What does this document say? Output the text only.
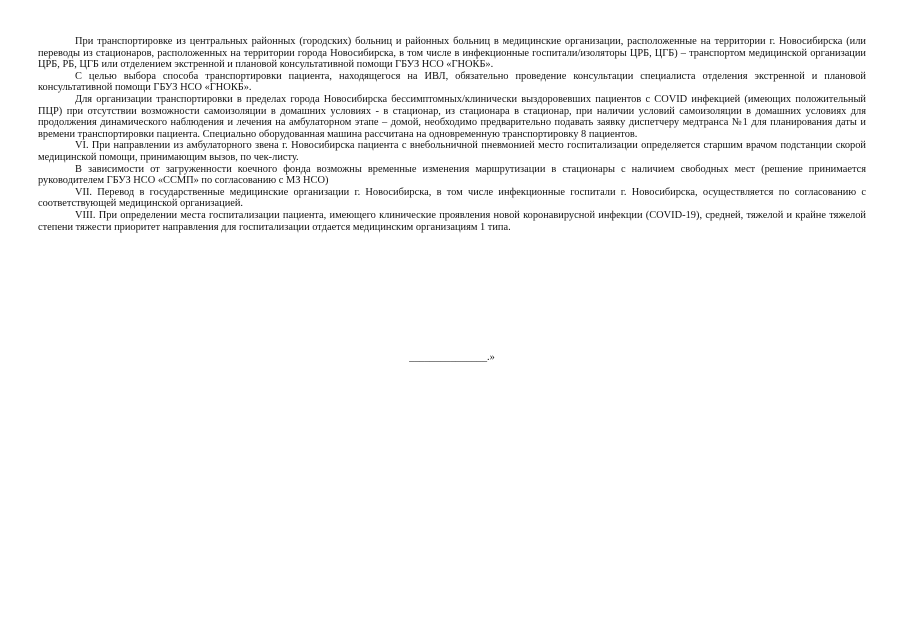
При транспортировке из центральных районных (городских) больниц и районных больниц в медицинские организации, расположенные на территории г. Новосибирска (или переводы из стационаров, расположенных на территории города Новосибирска, в том числе в инфекционные госпитали/изоляторы ЦРБ, ЦГБ) – транспортом медицинской организации ЦРБ, РБ, ЦГБ или отделением экстренной и плановой консультативной помощи ГБУЗ НСО «ГНОКБ».

С целью выбора способа транспортировки пациента, находящегося на ИВЛ, обязательно проведение консультации специалиста отделения экстренной и плановой консультативной помощи ГБУЗ НСО «ГНОКБ».

Для организации транспортировки в пределах города Новосибирска бессимптомных/клинически выздоровевших пациентов с COVID инфекцией (имеющих положительный ПЦР) при отсутствии возможности самоизоляции в домашних условиях - в стационар, из стационара в стационар, при наличии условий самоизоляции в домашних условиях для продолжения динамического наблюдения и лечения на амбулаторном этапе – домой, необходимо предварительно подавать заявку диспетчеру медтранса №1 для планирования даты и времени транспортировки пациента. Специально оборудованная машина рассчитана на одновременную транспортировку 8 пациентов.

VI. При направлении из амбулаторного звена г. Новосибирска пациента с внебольничной пневмонией место госпитализации определяется старшим врачом подстанции скорой медицинской помощи, принимающим вызов, по чек-листу.

В зависимости от загруженности коечного фонда возможны временные изменения маршрутизации в стационары с наличием свободных мест (решение принимается руководителем ГБУЗ НСО «ССМП» по согласованию с МЗ НСО)

VII. Перевод в государственные медицинские организации г. Новосибирска, в том числе инфекционные госпитали г. Новосибирска, осуществляется по согласованию с соответствующей медицинской организацией.

VIII. При определении места госпитализации пациента, имеющего клинические проявления новой коронавирусной инфекции (COVID-19), средней, тяжелой и крайне тяжелой степени тяжести приоритет направления для госпитализации отдается медицинским организациям 1 типа.

_______________.»
